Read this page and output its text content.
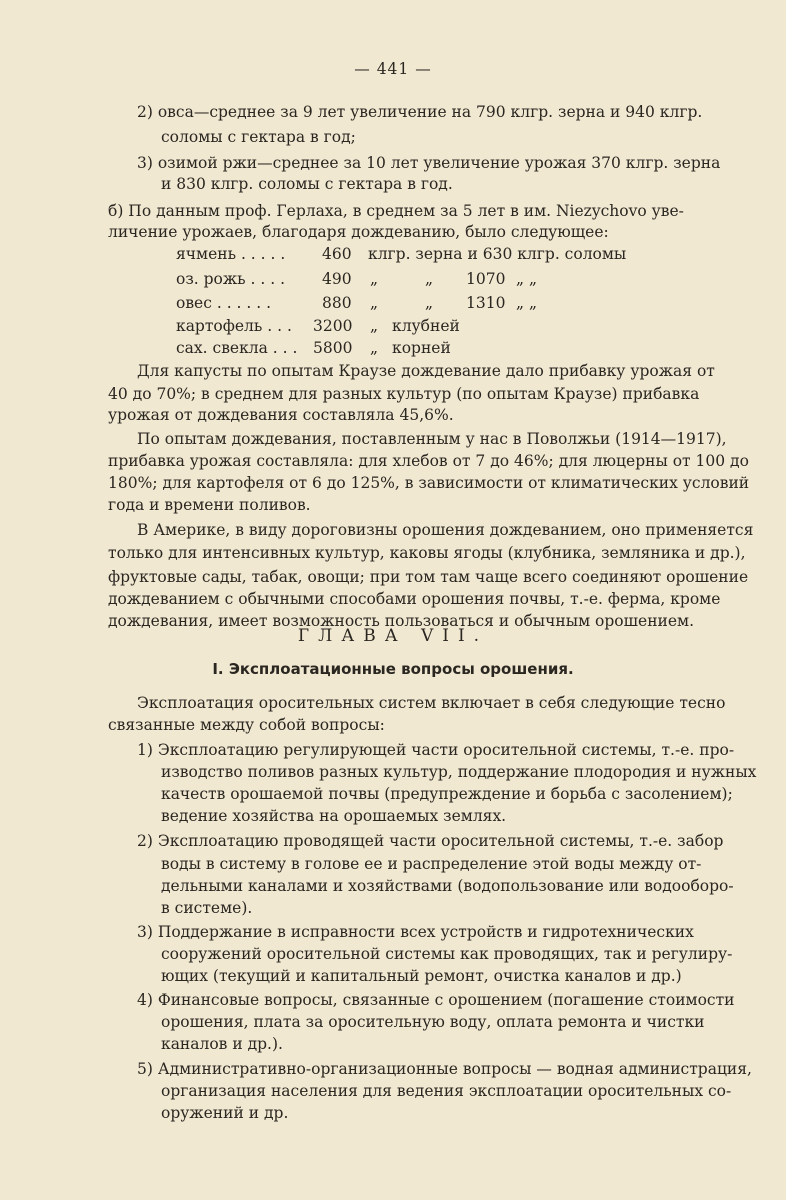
— 441 —
2) овса—среднее за 9 лет увеличение на 790 клгр. зерна и 940 клгр.
соломы с гектара в год;
3) озимой ржи—среднее за 10 лет увеличение урожая 370 клгр. зерна
и 830 клгр. соломы с гектара в год.
б) По данным проф. Герлаха, в среднем за 5 лет в им. Niezychovo уве-
личение урожаев, благодаря дождеванию, было следующее:
ячмень . . . . . 460 клгр. зерна и 630 клгр. соломы
оз. рожь . . . . 490 „	„ 1070 „ „
овес . . . . . .	880 „	„ 1310 „ „
картофель . . . 3200 „ клубней
сах. свекла . . . 5800 „ корней
Для капусты по опытам Краузе дождевание дало прибавку урожая от
40 до 70%; в среднем для разных культур (по опытам Краузе) прибавка
урожая от дождевания составляла 45,6%.
По опытам дождевания, поставленным у нас в Поволжьи (1914—1917),
прибавка урожая составляла: для хлебов от 7 до 46%; для люцерны от 100 до
180%; для картофеля от 6 до 125%, в зависимости от климатических условий
года и времени поливов.
В Америке, в виду дороговизны орошения дождеванием, оно применяется
только для интенсивных культур, каковы ягоды (клубника, земляника и др.),
фруктовые сады, табак, овощи; при том там чаще всего соединяют орошение
дождеванием с обычными способами орошения почвы, т.-е. ферма, кроме
дождевания, имеет возможность пользоваться и обычным орошением.
ГЛАВА VII.
I. Эксплоатационные вопросы орошения.
Эксплоатация оросительных систем включает в себя следующие тесно
связанные между собой вопросы:
1) Эксплоатацию регулирующей части оросительной системы, т.-е. про-
изводство поливов разных культур, поддержание плодородия и нужных
качеств орошаемой почвы (предупреждение и борьба с засолением);
ведение хозяйства на орошаемых землях.
2) Эксплоатацию проводящей части оросительной системы, т.-е. забор
воды в систему в голове ее и распределение этой воды между от-
дельными каналами и хозяйствами (водопользование или водооборо-
в системе).
3) Поддержание в исправности всех устройств и гидротехнических
сооружений оросительной системы как проводящих, так и регулиру-
ющих (текущий и капитальный ремонт, очистка каналов и др.)
4) Финансовые вопросы, связанные с орошением (погашение стоимости
орошения, плата за оросительную воду, оплата ремонта и чистки
каналов и др.).
5) Административно-организационные вопросы — водная администрация,
организация населения для ведения эксплоатации оросительных со-
оружений и др.
